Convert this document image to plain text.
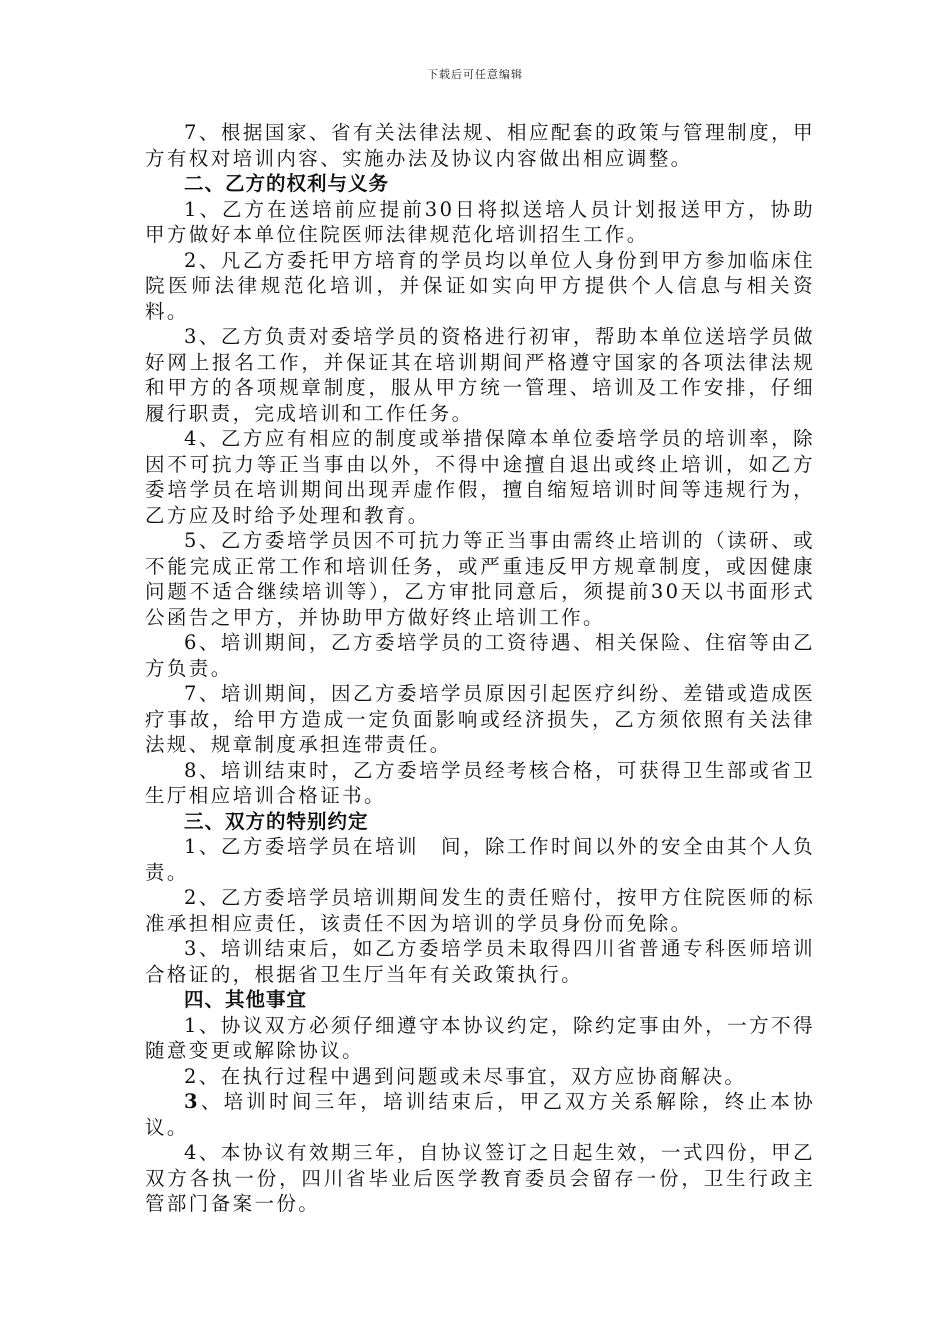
下载后可任意编辑

7、根据国家、省有关法律法规、相应配套的政策与管理制度，甲方有权对培训内容、实施办法及协议内容做出相应调整。

二、乙方的权利与义务

1、乙方在送培前应提前30日将拟送培人员计划报送甲方，协助甲方做好本单位住院医师法律规范化培训招生工作。

2、凡乙方委托甲方培育的学员均以单位人身份到甲方参加临床住院医师法律规范化培训，并保证如实向甲方提供个人信息与相关资料。

3、乙方负责对委培学员的资格进行初审，帮助本单位送培学员做好网上报名工作，并保证其在培训期间严格遵守国家的各项法律法规和甲方的各项规章制度，服从甲方统一管理、培训及工作安排，仔细履行职责，完成培训和工作任务。

4、乙方应有相应的制度或举措保障本单位委培学员的培训率，除因不可抗力等正当事由以外，不得中途擅自退出或终止培训，如乙方委培学员在培训期间出现弄虚作假，擅自缩短培训时间等违规行为，乙方应及时给予处理和教育。

5、乙方委培学员因不可抗力等正当事由需终止培训的（读研、或不能完成正常工作和培训任务，或严重违反甲方规章制度，或因健康问题不适合继续培训等），乙方审批同意后，须提前30天以书面形式公函告之甲方，并协助甲方做好终止培训工作。

6、培训期间，乙方委培学员的工资待遇、相关保险、住宿等由乙方负责。

7、培训期间，因乙方委培学员原因引起医疗纠纷、差错或造成医疗事故，给甲方造成一定负面影响或经济损失，乙方须依照有关法律法规、规章制度承担连带责任。

8、培训结束时，乙方委培学员经考核合格，可获得卫生部或省卫生厅相应培训合格证书。

三、双方的特别约定

1、乙方委培学员在培训　间，除工作时间以外的安全由其个人负责。

2、乙方委培学员培训期间发生的责任赔付，按甲方住院医师的标准承担相应责任，该责任不因为培训的学员身份而免除。

3、培训结束后，如乙方委培学员未取得四川省普通专科医师培训合格证的，根据省卫生厅当年有关政策执行。

四、其他事宜

1、协议双方必须仔细遵守本协议约定，除约定事由外，一方不得随意变更或解除协议。

2、在执行过程中遇到问题或未尽事宜，双方应协商解决。

3、培训时间三年，培训结束后，甲乙双方关系解除，终止本协议。

4、本协议有效期三年，自协议签订之日起生效，一式四份，甲乙双方各执一份，四川省毕业后医学教育委员会留存一份，卫生行政主管部门备案一份。
